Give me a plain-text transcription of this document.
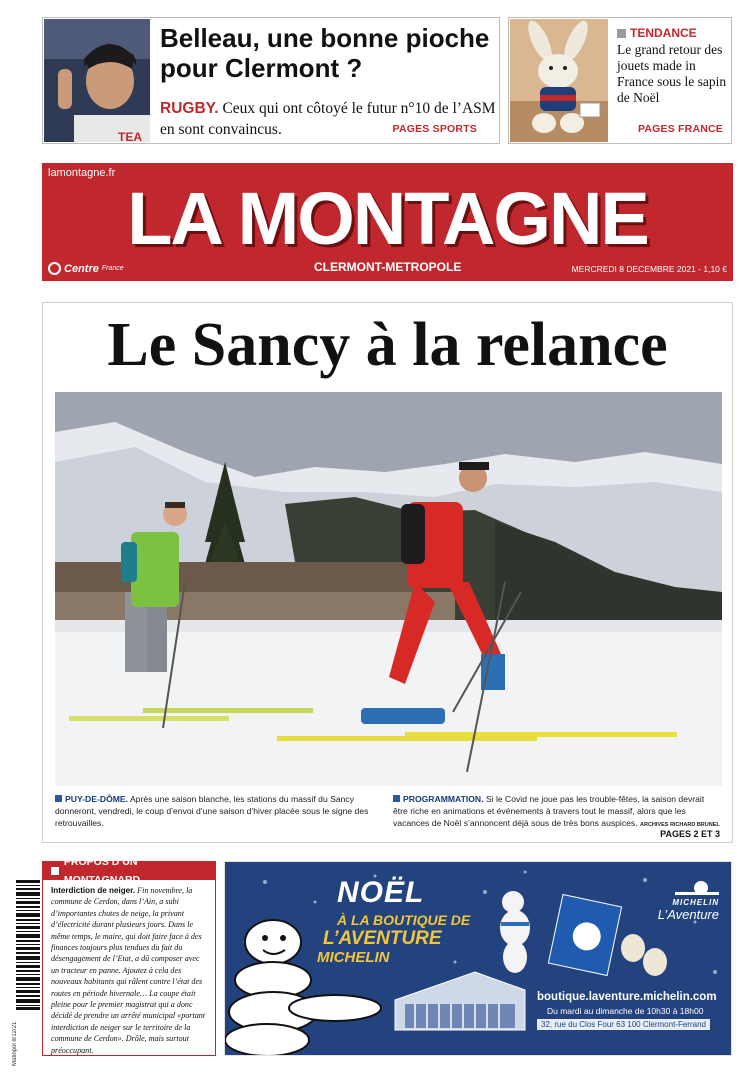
TEA
Belleau, une bonne pioche pour Clermont ?
RUGBY. Ceux qui ont côtoyé le futur n°10 de l’ASM en sont convaincus.	PAGES SPORTS
TENDANCE
Le grand retour des jouets made in France sous le sapin de Noël
PAGES FRANCE
lamontagne.fr
LA MONTAGNE
Centre France	CLERMONT-METROPOLE	MERCREDI 8 DECEMBRE 2021 - 1,10 €
Le Sancy à la relance
PUY-DE-DÔME. Après une saison blanche, les stations du massif du Sancy donneront, vendredi, le coup d’envoi d’une saison d’hiver placée sous le signe des retrouvailles.
PROGRAMMATION. Si le Covid ne joue pas les trouble-fêtes, la saison devrait être riche en animations et événements à travers tout le massif, alors que les vacances de Noël s’annoncent déjà sous de très bons auspices. ARCHIVES RICHARD BRUNEL
PAGES 2 ET 3
Matinpol 8/12/21
PROPOS D’UN MONTAGNARD
Interdiction de neiger. Fin novembre, la commune de Cerdon, dans l’Ain, a subi d’importantes chutes de neige, la privant d’électricité durant plusieurs jours. Dans le même temps, le maire, qui doit faire face à des finances toujours plus tendues du fait du désengagement de l’Etat, a dû composer avec un tracteur en panne. Ajoutez à cela des nouveaux habitants qui râlent contre l’état des routes en période hivernale… La coupe était pleine pour le premier magistrat qui a donc décidé de prendre un arrêté municipal «portant interdiction de neiger sur le territoire de la commune de Cerdon». Drôle, mais surtout préoccupant.
NOËL
À LA BOUTIQUE DE
L’AVENTURE
MICHELIN
MICHELIN
L’Aventure
boutique.laventure.michelin.com
Du mardi au dimanche de 10h30 à 18h00
32, rue du Clos Four 63 100 Clermont-Ferrand
